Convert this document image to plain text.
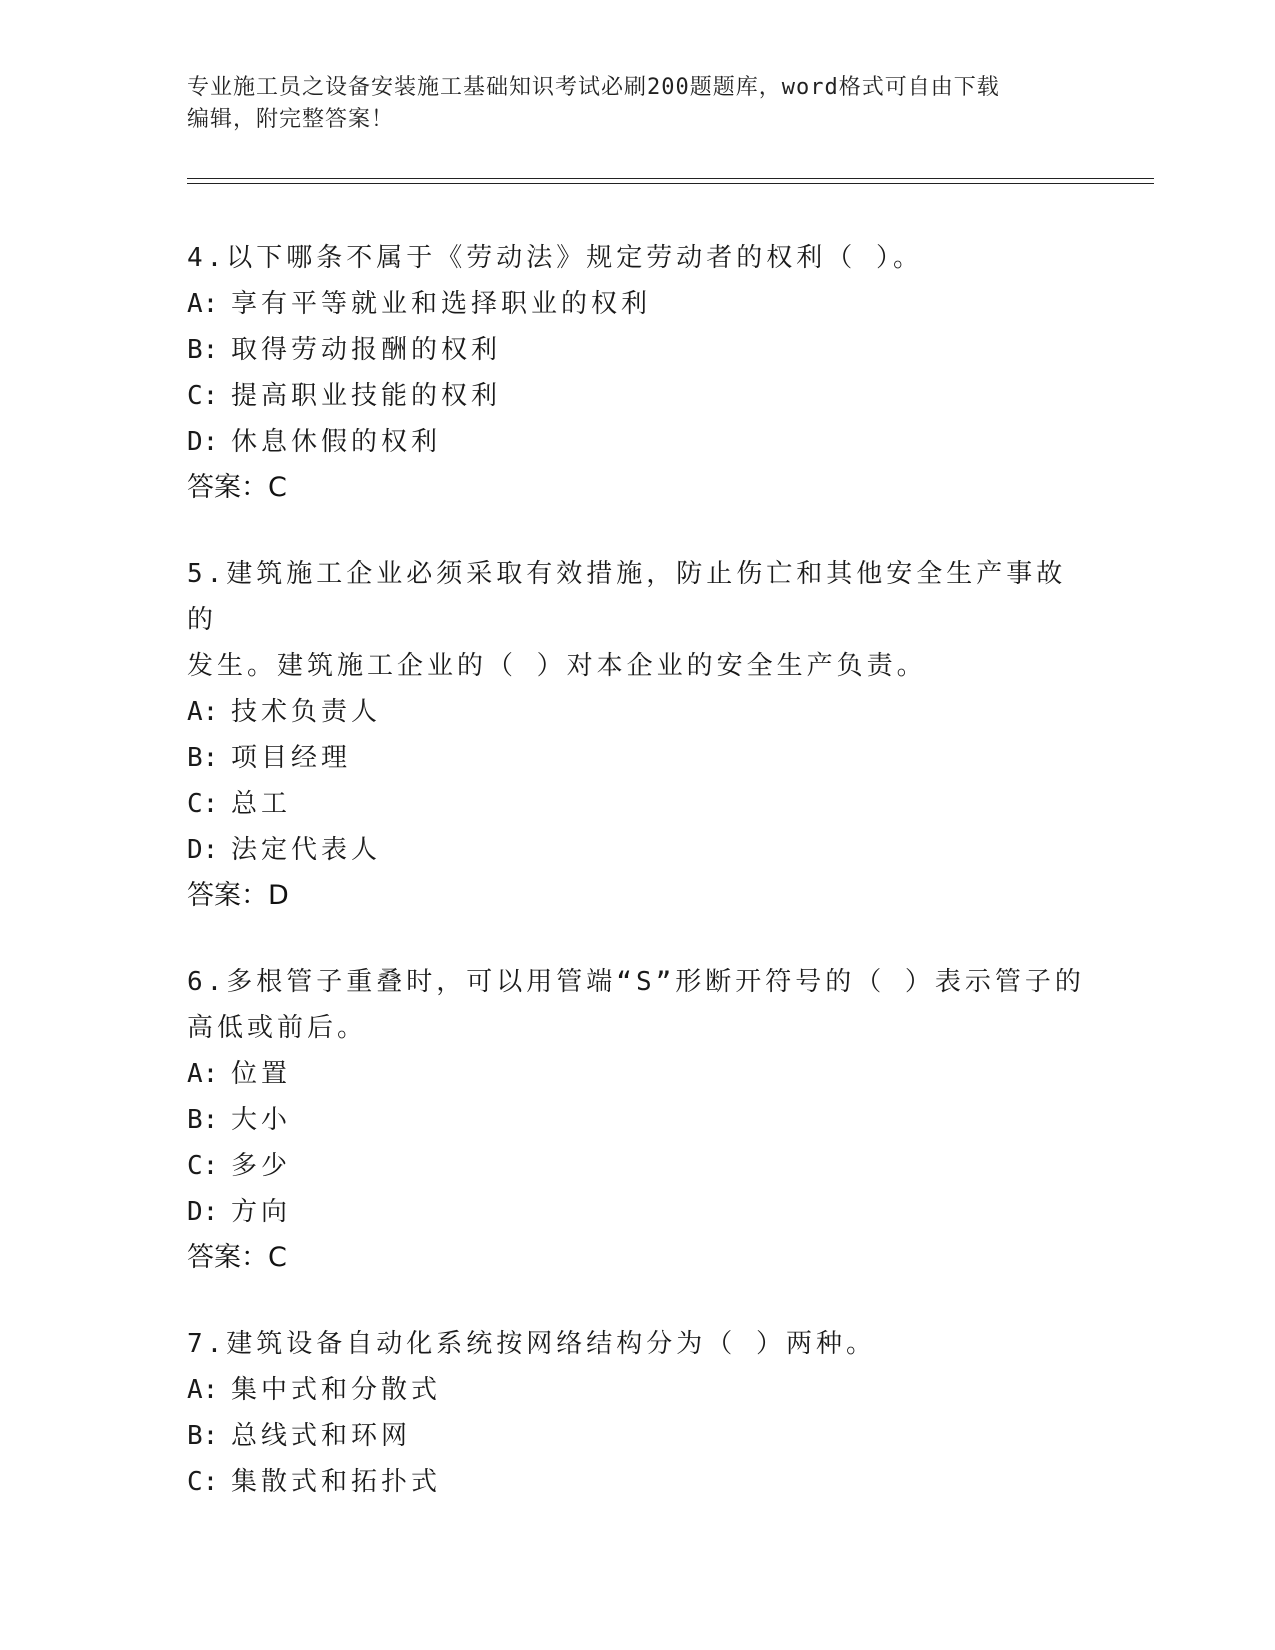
专业施工员之设备安装施工基础知识考试必刷200题题库，word格式可自由下载
编辑，附完整答案！

4.以下哪条不属于《劳动法》规定劳动者的权利（ ）。

A: 享有平等就业和选择职业的权利

B: 取得劳动报酬的权利

C: 提高职业技能的权利

D: 休息休假的权利

答案：C

5.建筑施工企业必须采取有效措施，防止伤亡和其他安全生产事故的

发生。建筑施工企业的（ ）对本企业的安全生产负责。

A: 技术负责人

B: 项目经理

C: 总工

D: 法定代表人

答案：D

6.多根管子重叠时，可以用管端“S”形断开符号的（ ）表示管子的

高低或前后。

A: 位置

B: 大小

C: 多少

D: 方向

答案：C

7.建筑设备自动化系统按网络结构分为（ ）两种。

A: 集中式和分散式

B: 总线式和环网

C: 集散式和拓扑式
